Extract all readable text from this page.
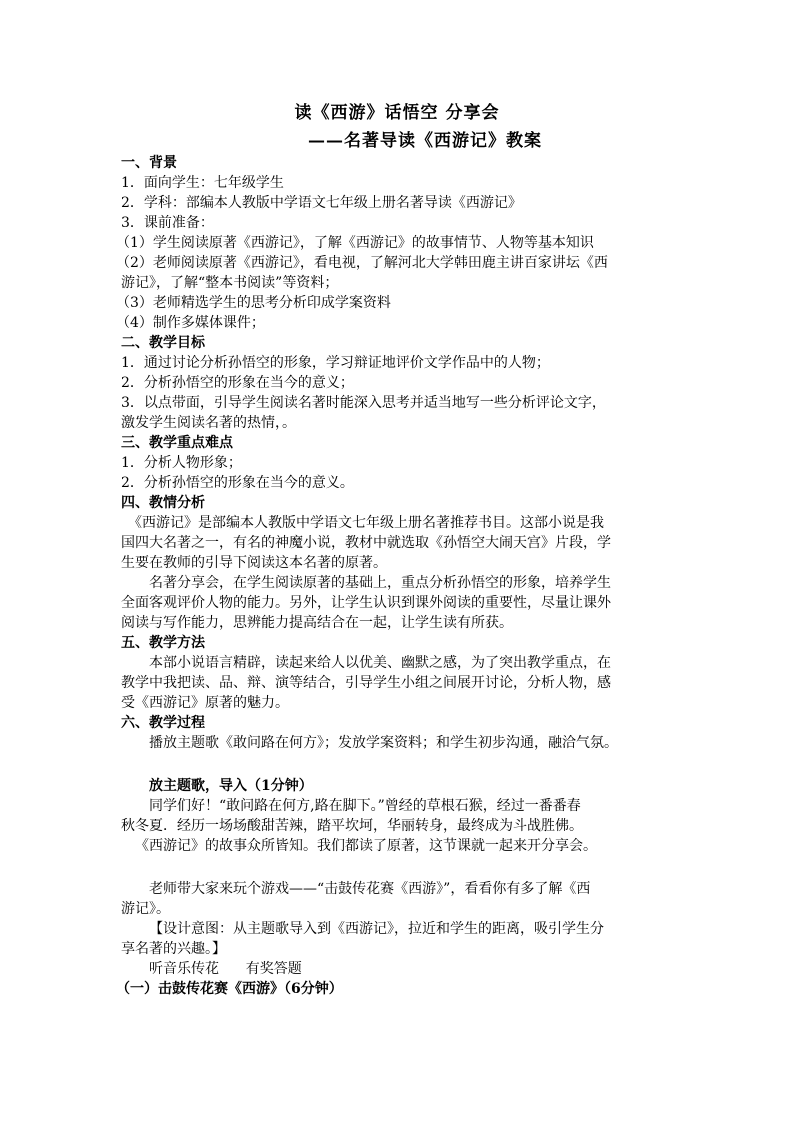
读《西游》话悟空 分享会
——名著导读《西游记》教案
一、背景
1．面向学生：七年级学生
2．学科：部编本人教版中学语文七年级上册名著导读《西游记》
3．课前准备：
（1）学生阅读原著《西游记》，了解《西游记》的故事情节、人物等基本知识
（2）老师阅读原著《西游记》，看电视，了解河北大学韩田鹿主讲百家讲坛《西
游记》，了解“整本书阅读”等资料；
（3）老师精选学生的思考分析印成学案资料
（4）制作多媒体课件；
二、教学目标
1．通过讨论分析孙悟空的形象，学习辩证地评价文学作品中的人物；
2．分析孙悟空的形象在当今的意义；
3．以点带面，引导学生阅读名著时能深入思考并适当地写一些分析评论文字，
激发学生阅读名著的热情，。
三、教学重点难点
1．分析人物形象；
2．分析孙悟空的形象在当今的意义。
四、教情分析
《西游记》是部编本人教版中学语文七年级上册名著推荐书目。这部小说是我
国四大名著之一，有名的神魔小说，教材中就选取《孙悟空大闹天宫》片段，学
生要在教师的引导下阅读这本名著的原著。
名著分享会，在学生阅读原著的基础上，重点分析孙悟空的形象，培养学生
全面客观评价人物的能力。另外，让学生认识到课外阅读的重要性，尽量让课外
阅读与写作能力，思辨能力提高结合在一起，让学生读有所获。
五、教学方法
本部小说语言精辟，读起来给人以优美、幽默之感，为了突出教学重点，在
教学中我把读、品、辩、演等结合，引导学生小组之间展开讨论，分析人物，感
受《西游记》原著的魅力。
六、教学过程
播放主题歌《敢问路在何方》；发放学案资料；和学生初步沟通，融洽气氛。
放主题歌，导入（1分钟）
同学们好！“敢问路在何方,路在脚下。”曾经的草根石猴，经过一番番春
秋冬夏．经历一场场酸甜苦辣，踏平坎坷，华丽转身，最终成为斗战胜佛。
《西游记》的故事众所皆知。我们都读了原著，这节课就一起来开分享会。
老师带大家来玩个游戏——“击鼓传花赛《西游》”，看看你有多了解《西
游记》。
【设计意图：从主题歌导入到《西游记》，拉近和学生的距离，吸引学生分
享名著的兴趣。】
听音乐传花      有奖答题
（一）击鼓传花赛《西游》（6分钟）
